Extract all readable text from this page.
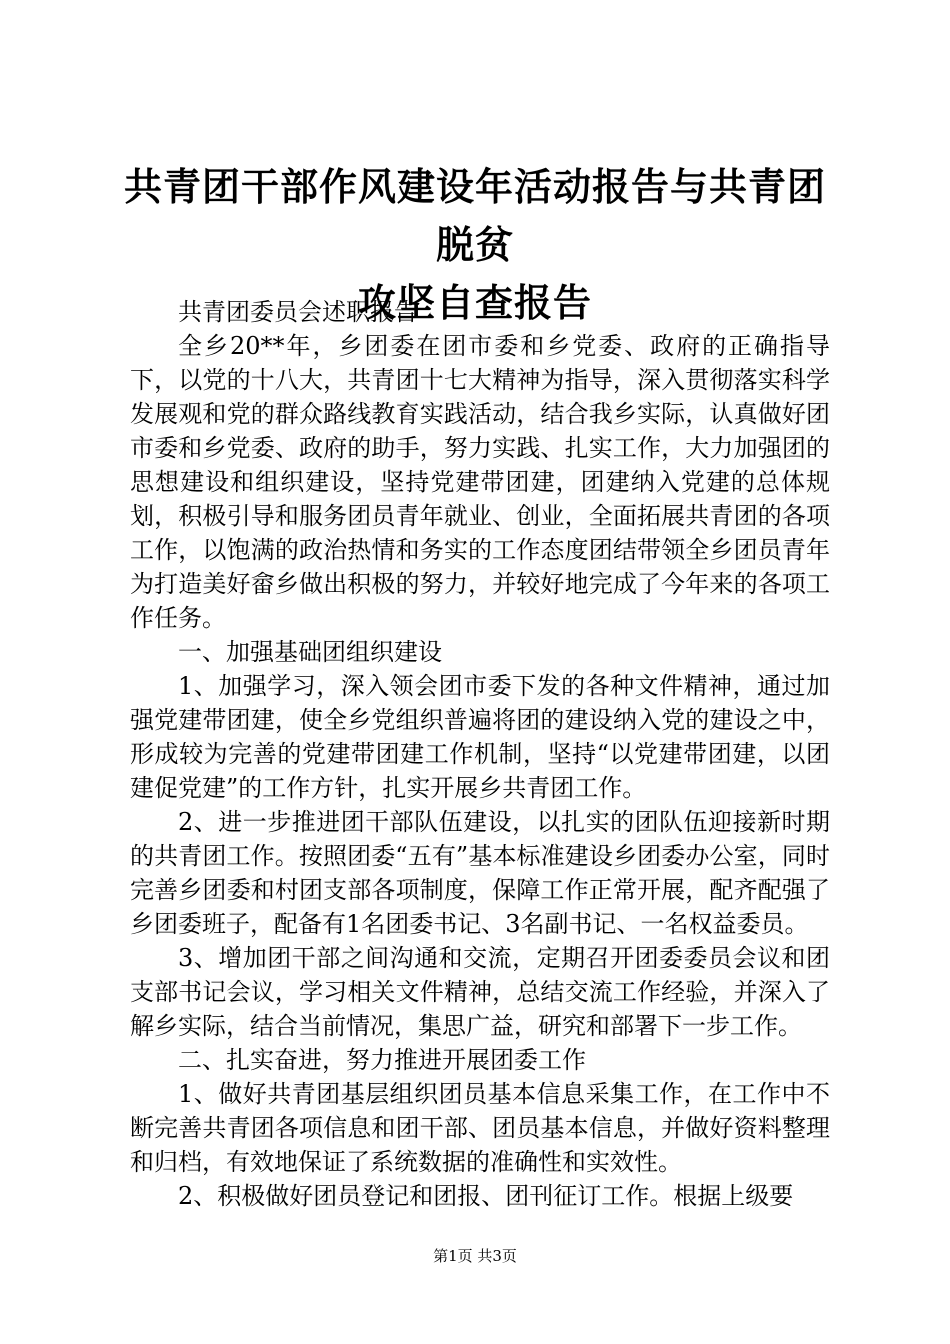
共青团干部作风建设年活动报告与共青团脱贫
攻坚自查报告

共青团委员会述职报告

全乡20**年，乡团委在团市委和乡党委、政府的正确指导下，以党的十八大，共青团十七大精神为指导，深入贯彻落实科学发展观和党的群众路线教育实践活动，结合我乡实际，认真做好团市委和乡党委、政府的助手，努力实践、扎实工作，大力加强团的思想建设和组织建设，坚持党建带团建，团建纳入党建的总体规划，积极引导和服务团员青年就业、创业，全面拓展共青团的各项工作，以饱满的政治热情和务实的工作态度团结带领全乡团员青年为打造美好畲乡做出积极的努力，并较好地完成了今年来的各项工作任务。

一、加强基础团组织建设

1、加强学习，深入领会团市委下发的各种文件精神，通过加强党建带团建，使全乡党组织普遍将团的建设纳入党的建设之中，形成较为完善的党建带团建工作机制，坚持“以党建带团建，以团建促党建”的工作方针，扎实开展乡共青团工作。

2、进一步推进团干部队伍建设，以扎实的团队伍迎接新时期的共青团工作。按照团委“五有”基本标准建设乡团委办公室，同时完善乡团委和村团支部各项制度，保障工作正常开展，配齐配强了乡团委班子，配备有1名团委书记、3名副书记、一名权益委员。

3、增加团干部之间沟通和交流，定期召开团委委员会议和团支部书记会议，学习相关文件精神，总结交流工作经验，并深入了解乡实际，结合当前情况，集思广益，研究和部署下一步工作。

二、扎实奋进，努力推进开展团委工作

1、做好共青团基层组织团员基本信息采集工作，在工作中不断完善共青团各项信息和团干部、团员基本信息，并做好资料整理和归档，有效地保证了系统数据的准确性和实效性。

2、积极做好团员登记和团报、团刊征订工作。根据上级要

第1页 共3页
